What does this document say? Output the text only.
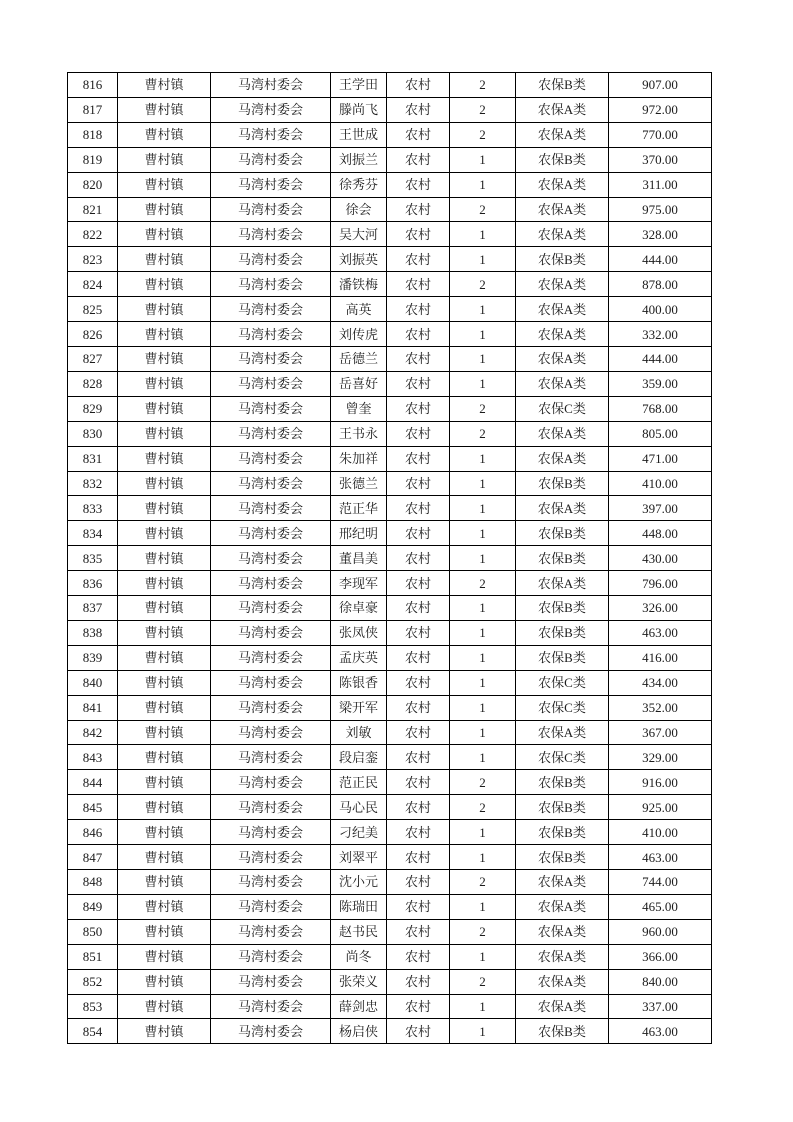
816	曹村镇	马湾村委会	王学田	农村	2	农保B类	907.00
817	曹村镇	马湾村委会	滕尚飞	农村	2	农保A类	972.00
818	曹村镇	马湾村委会	王世成	农村	2	农保A类	770.00
819	曹村镇	马湾村委会	刘振兰	农村	1	农保B类	370.00
820	曹村镇	马湾村委会	徐秀芬	农村	1	农保A类	311.00
821	曹村镇	马湾村委会	徐会	农村	2	农保A类	975.00
822	曹村镇	马湾村委会	吴大河	农村	1	农保A类	328.00
823	曹村镇	马湾村委会	刘振英	农村	1	农保B类	444.00
824	曹村镇	马湾村委会	潘铁梅	农村	2	农保A类	878.00
825	曹村镇	马湾村委会	高英	农村	1	农保A类	400.00
826	曹村镇	马湾村委会	刘传虎	农村	1	农保A类	332.00
827	曹村镇	马湾村委会	岳德兰	农村	1	农保A类	444.00
828	曹村镇	马湾村委会	岳喜好	农村	1	农保A类	359.00
829	曹村镇	马湾村委会	曾奎	农村	2	农保C类	768.00
830	曹村镇	马湾村委会	王书永	农村	2	农保A类	805.00
831	曹村镇	马湾村委会	朱加祥	农村	1	农保A类	471.00
832	曹村镇	马湾村委会	张德兰	农村	1	农保B类	410.00
833	曹村镇	马湾村委会	范正华	农村	1	农保A类	397.00
834	曹村镇	马湾村委会	邢纪明	农村	1	农保B类	448.00
835	曹村镇	马湾村委会	董昌美	农村	1	农保B类	430.00
836	曹村镇	马湾村委会	李现军	农村	2	农保A类	796.00
837	曹村镇	马湾村委会	徐卓豪	农村	1	农保B类	326.00
838	曹村镇	马湾村委会	张凤侠	农村	1	农保B类	463.00
839	曹村镇	马湾村委会	孟庆英	农村	1	农保B类	416.00
840	曹村镇	马湾村委会	陈银香	农村	1	农保C类	434.00
841	曹村镇	马湾村委会	梁开军	农村	1	农保C类	352.00
842	曹村镇	马湾村委会	刘敏	农村	1	农保A类	367.00
843	曹村镇	马湾村委会	段启銮	农村	1	农保C类	329.00
844	曹村镇	马湾村委会	范正民	农村	2	农保B类	916.00
845	曹村镇	马湾村委会	马心民	农村	2	农保B类	925.00
846	曹村镇	马湾村委会	刁纪美	农村	1	农保B类	410.00
847	曹村镇	马湾村委会	刘翠平	农村	1	农保B类	463.00
848	曹村镇	马湾村委会	沈小元	农村	2	农保A类	744.00
849	曹村镇	马湾村委会	陈瑞田	农村	1	农保A类	465.00
850	曹村镇	马湾村委会	赵书民	农村	2	农保A类	960.00
851	曹村镇	马湾村委会	尚冬	农村	1	农保A类	366.00
852	曹村镇	马湾村委会	张荣义	农村	2	农保A类	840.00
853	曹村镇	马湾村委会	薛剑忠	农村	1	农保A类	337.00
854	曹村镇	马湾村委会	杨启侠	农村	1	农保B类	463.00
